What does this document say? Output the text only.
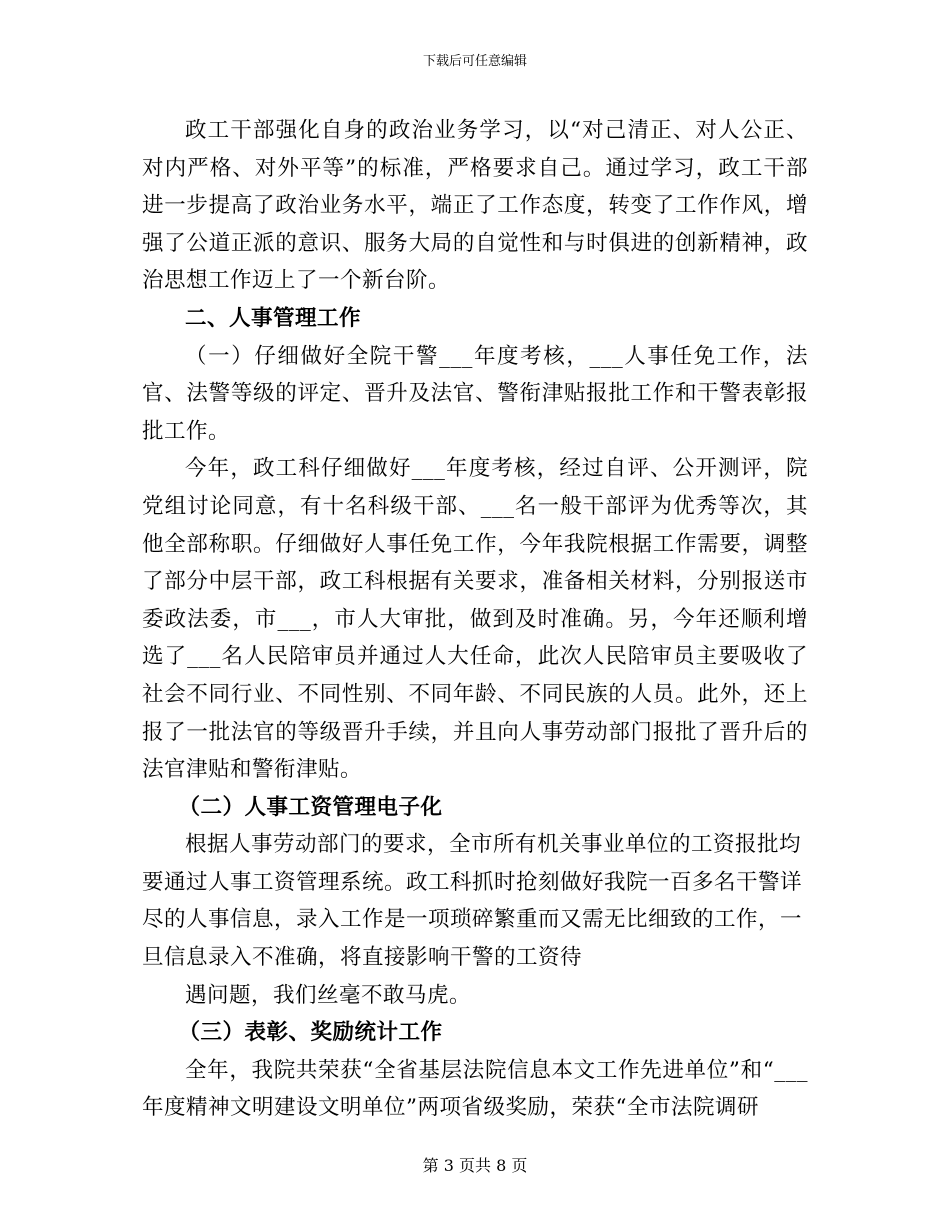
下载后可任意编辑

政工干部强化自身的政治业务学习，以“对己清正、对人公正、对内严格、对外平等”的标准，严格要求自己。通过学习，政工干部进一步提高了政治业务水平，端正了工作态度，转变了工作作风，增强了公道正派的意识、服务大局的自觉性和与时俱进的创新精神，政治思想工作迈上了一个新台阶。

二、人事管理工作

（一）仔细做好全院干警___年度考核，___人事任免工作，法官、法警等级的评定、晋升及法官、警衔津贴报批工作和干警表彰报批工作。

今年，政工科仔细做好___年度考核，经过自评、公开测评，院党组讨论同意，有十名科级干部、___名一般干部评为优秀等次，其他全部称职。仔细做好人事任免工作，今年我院根据工作需要，调整了部分中层干部，政工科根据有关要求，准备相关材料，分别报送市委政法委，市___，市人大审批，做到及时准确。另，今年还顺利增选了___名人民陪审员并通过人大任命，此次人民陪审员主要吸收了社会不同行业、不同性别、不同年龄、不同民族的人员。此外，还上报了一批法官的等级晋升手续，并且向人事劳动部门报批了晋升后的法官津贴和警衔津贴。

（二）人事工资管理电子化

根据人事劳动部门的要求，全市所有机关事业单位的工资报批均要通过人事工资管理系统。政工科抓时抢刻做好我院一百多名干警详尽的人事信息，录入工作是一项琐碎繁重而又需无比细致的工作，一旦信息录入不准确，将直接影响干警的工资待

遇问题，我们丝毫不敢马虎。

（三）表彰、奖励统计工作

全年，我院共荣获“全省基层法院信息本文工作先进单位”和“___年度精神文明建设文明单位”两项省级奖励，荣获“全市法院调研

第 3 页共 8 页
